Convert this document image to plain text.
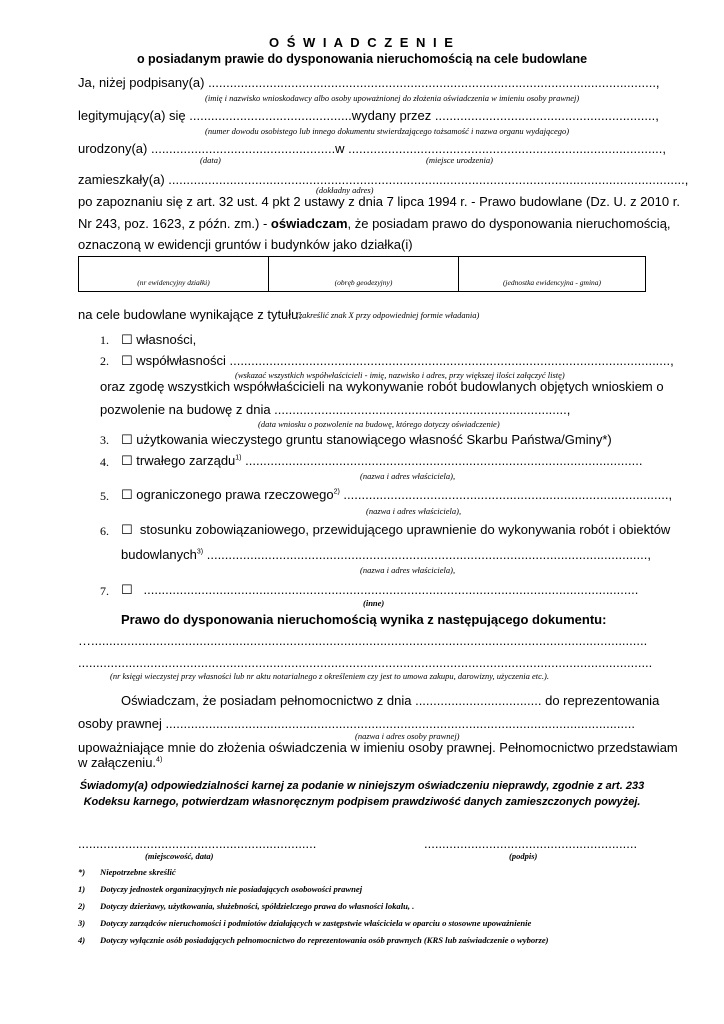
O Ś W I A D C Z E N I E
o posiadanym prawie do dysponowania nieruchomością na cele budowlane
Ja, niżej podpisany(a) ............................................................................................................................,
(imię i nazwisko wnioskodawcy albo osoby upoważnionej do złożenia oświadczenia w imieniu osoby prawnej)
legitymujący(a) się .............................................wydany przez .............................................................,
(numer dowodu osobistego lub innego dokumentu stwierdzającego tożsamość i nazwa organu wydającego)
urodzony(a) ...................................................w .......................................................................................,
(data)	(miejsce urodzenia)
zamieszkały(a) ...............................................................................................................................................,
(dokładny adres)
po zapoznaniu się z art. 32 ust. 4 pkt 2 ustawy z dnia 7 lipca 1994 r. - Prawo budowlane (Dz. U. z 2010 r.
Nr 243, poz. 1623, z późn. zm.) - oświadczam, że posiadam prawo do dysponowania nieruchomością,
oznaczoną w ewidencji gruntów i budynków jako działka(i)
(nr ewidencyjny działki)	(obręb geodezyjny)	(jednostka ewidencyjna - gmina)
na cele budowlane wynikające z tytułu:
(zakreślić znak X przy odpowiedniej formie władania)
1. ☐ własności,
2. ☐ współwłasności ..........................................................................................................................,
(wskazać wszystkich współwłaścicieli - imię, nazwisko i adres, przy większej ilości załączyć listę)
oraz zgodę wszystkich współwłaścicieli na wykonywanie robót budowlanych objętych wnioskiem o
pozwolenie na budowę z dnia .................................................................................,
(data wniosku o pozwolenie na budowę, którego dotyczy oświadczenie)
3. ☐ użytkowania wieczystego gruntu stanowiącego własność Skarbu Państwa/Gminy*)
4. ☐ trwałego zarządu$^{1)}$ ..............................................................................................................
(nazwa i adres właściciela),
5. ☐ ograniczonego prawa rzeczowego$^{2)}$ ..........................................................................................,
(nazwa i adres właściciela),
6. ☐ stosunku zobowiązaniowego, przewidującego uprawnienie do wykonywania robót i obiektów
budowlanych$^{3)}$ ..........................................................................................................................,
(nazwa i adres właściciela),
7. ☐ .........................................................................................................................................
(inne)
Prawo do dysponowania nieruchomością wynika z następującego dokumentu:
…..........................................................................................................................................................
...............................................................................................................................................................
(nr księgi wieczystej przy własności lub nr aktu notarialnego z określeniem czy jest to umowa zakupu, darowizny, użyczenia etc.).
Oświadczam, że posiadam pełnomocnictwo z dnia ................................... do reprezentowania
osoby prawnej ..................................................................................................................................
(nazwa i adres osoby prawnej)
upoważniające mnie do złożenia oświadczenia w imieniu osoby prawnej. Pełnomocnictwo przedstawiam
w załączeniu.$^{4)}$
Świadomy(a) odpowiedzialności karnej za podanie w niniejszym oświadczeniu nieprawdy, zgodnie z art. 233
Kodeksu karnego, potwierdzam własnoręcznym podpisem prawdziwość danych zamieszczonych powyżej.
..................................................................
(miejscowość, data)
...........................................................
(podpis)
*) Niepotrzebne skreślić
1) Dotyczy jednostek organizacyjnych nie posiadających osobowości prawnej
2) Dotyczy dzierżawy, użytkowania, służebności, spółdzielczego prawa do własności lokalu, .
3) Dotyczy zarządców nieruchomości i podmiotów działających w zastępstwie właściciela w oparciu o stosowne upoważnienie
4) Dotyczy wyłącznie osób posiadających pełnomocnictwo do reprezentowania osób prawnych (KRS lub zaświadczenie o wyborze)
